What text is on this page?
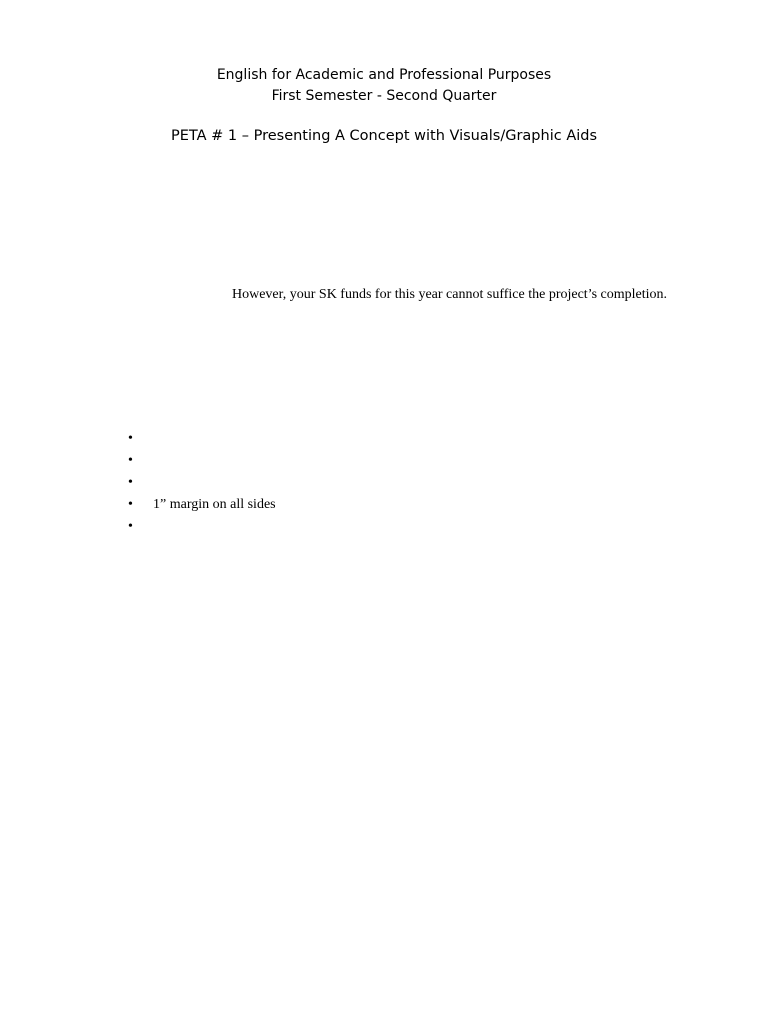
English for Academic and Professional Purposes
First Semester - Second Quarter
PETA # 1 – Presenting A Concept with Visuals/Graphic Aids
However, your SK funds for this year cannot suffice the project’s completion.
•
•
•
• 1” margin on all sides
•
